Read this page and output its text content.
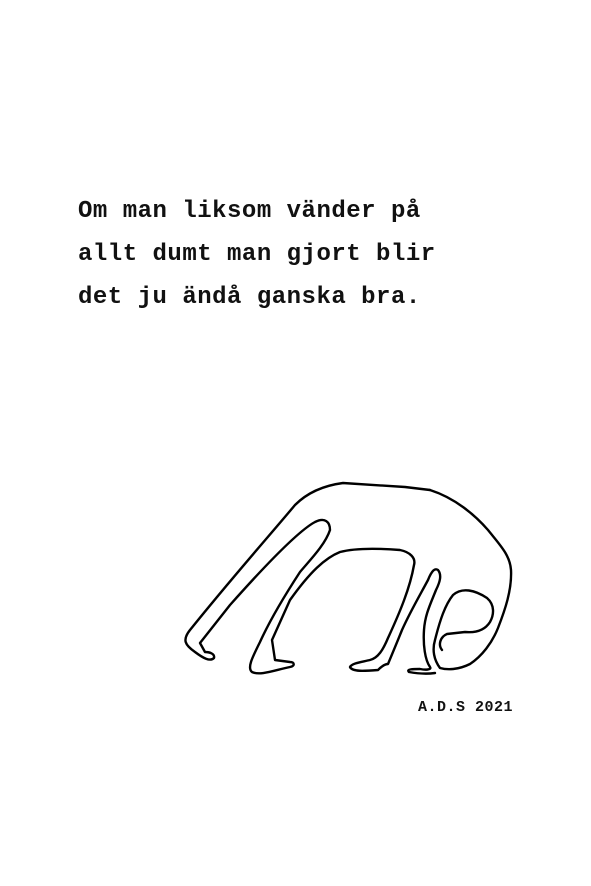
Om man liksom vänder på
allt dumt man gjort blir
det ju ändå ganska bra.
A.D.S 2021
